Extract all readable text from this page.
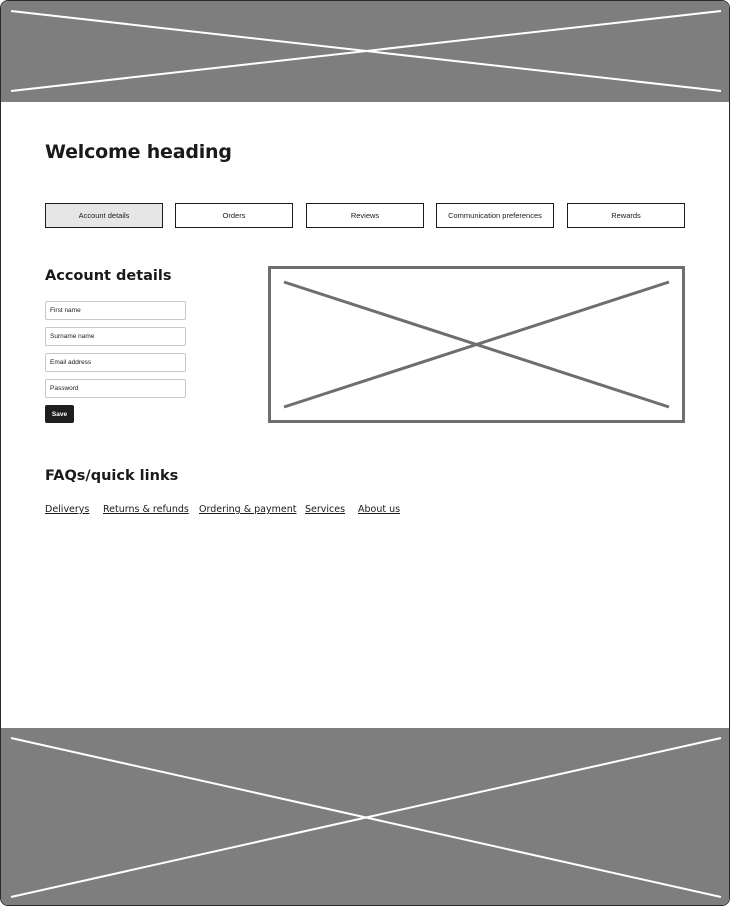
Welcome heading
Account details	Orders	Reviews	Communication preferences	Rewards
Account details
First name
Surname name
Email address
Save
FAQs/quick links
Deliverys Returns & refunds Ordering & payment Services About us
